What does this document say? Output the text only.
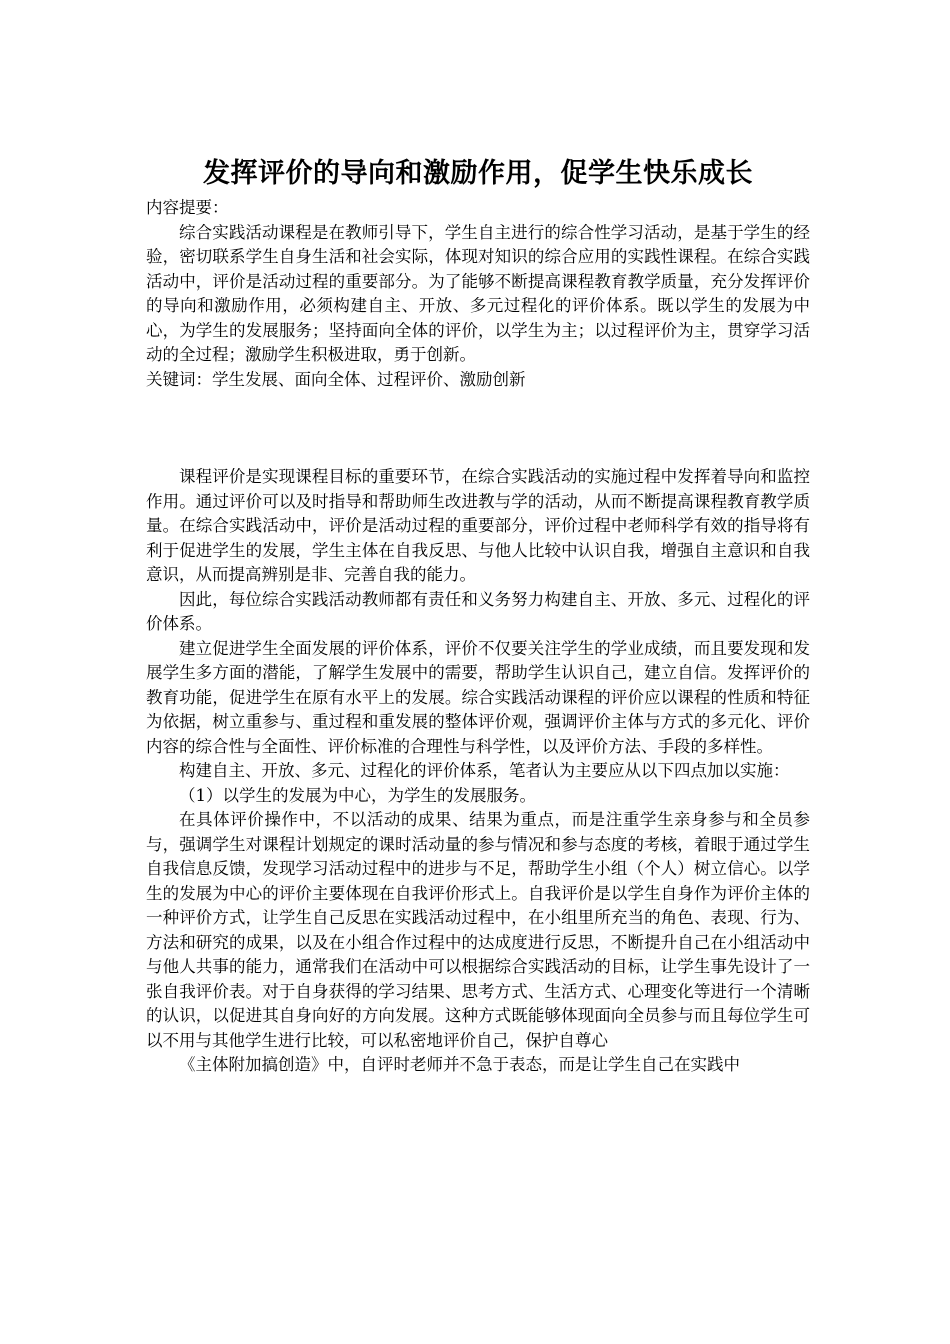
发挥评价的导向和激励作用，促学生快乐成长

内容提要：

综合实践活动课程是在教师引导下，学生自主进行的综合性学习活动，是基于学生的经验，密切联系学生自身生活和社会实际，体现对知识的综合应用的实践性课程。在综合实践活动中，评价是活动过程的重要部分。为了能够不断提高课程教育教学质量，充分发挥评价的导向和激励作用，必须构建自主、开放、多元过程化的评价体系。既以学生的发展为中心，为学生的发展服务；坚持面向全体的评价，以学生为主；以过程评价为主，贯穿学习活动的全过程；激励学生积极进取，勇于创新。

关键词：学生发展、面向全体、过程评价、激励创新

课程评价是实现课程目标的重要环节，在综合实践活动的实施过程中发挥着导向和监控作用。通过评价可以及时指导和帮助师生改进教与学的活动，从而不断提高课程教育教学质量。在综合实践活动中，评价是活动过程的重要部分，评价过程中老师科学有效的指导将有利于促进学生的发展，学生主体在自我反思、与他人比较中认识自我，增强自主意识和自我意识，从而提高辨别是非、完善自我的能力。

因此，每位综合实践活动教师都有责任和义务努力构建自主、开放、多元、过程化的评价体系。

建立促进学生全面发展的评价体系，评价不仅要关注学生的学业成绩，而且要发现和发展学生多方面的潜能，了解学生发展中的需要，帮助学生认识自己，建立自信。发挥评价的教育功能，促进学生在原有水平上的发展。综合实践活动课程的评价应以课程的性质和特征为依据，树立重参与、重过程和重发展的整体评价观，强调评价主体与方式的多元化、评价内容的综合性与全面性、评价标准的合理性与科学性，以及评价方法、手段的多样性。

构建自主、开放、多元、过程化的评价体系，笔者认为主要应从以下四点加以实施：

（1）以学生的发展为中心，为学生的发展服务。

在具体评价操作中，不以活动的成果、结果为重点，而是注重学生亲身参与和全员参与，强调学生对课程计划规定的课时活动量的参与情况和参与态度的考核，着眼于通过学生自我信息反馈，发现学习活动过程中的进步与不足，帮助学生小组（个人）树立信心。以学生的发展为中心的评价主要体现在自我评价形式上。自我评价是以学生自身作为评价主体的一种评价方式，让学生自己反思在实践活动过程中，在小组里所充当的角色、表现、行为、方法和研究的成果，以及在小组合作过程中的达成度进行反思，不断提升自己在小组活动中与他人共事的能力，通常我们在活动中可以根据综合实践活动的目标，让学生事先设计了一张自我评价表。对于自身获得的学习结果、思考方式、生活方式、心理变化等进行一个清晰的认识，以促进其自身向好的方向发展。这种方式既能够体现面向全员参与而且每位学生可以不用与其他学生进行比较，可以私密地评价自己，保护自尊心

《主体附加搞创造》中，自评时老师并不急于表态，而是让学生自己在实践中
